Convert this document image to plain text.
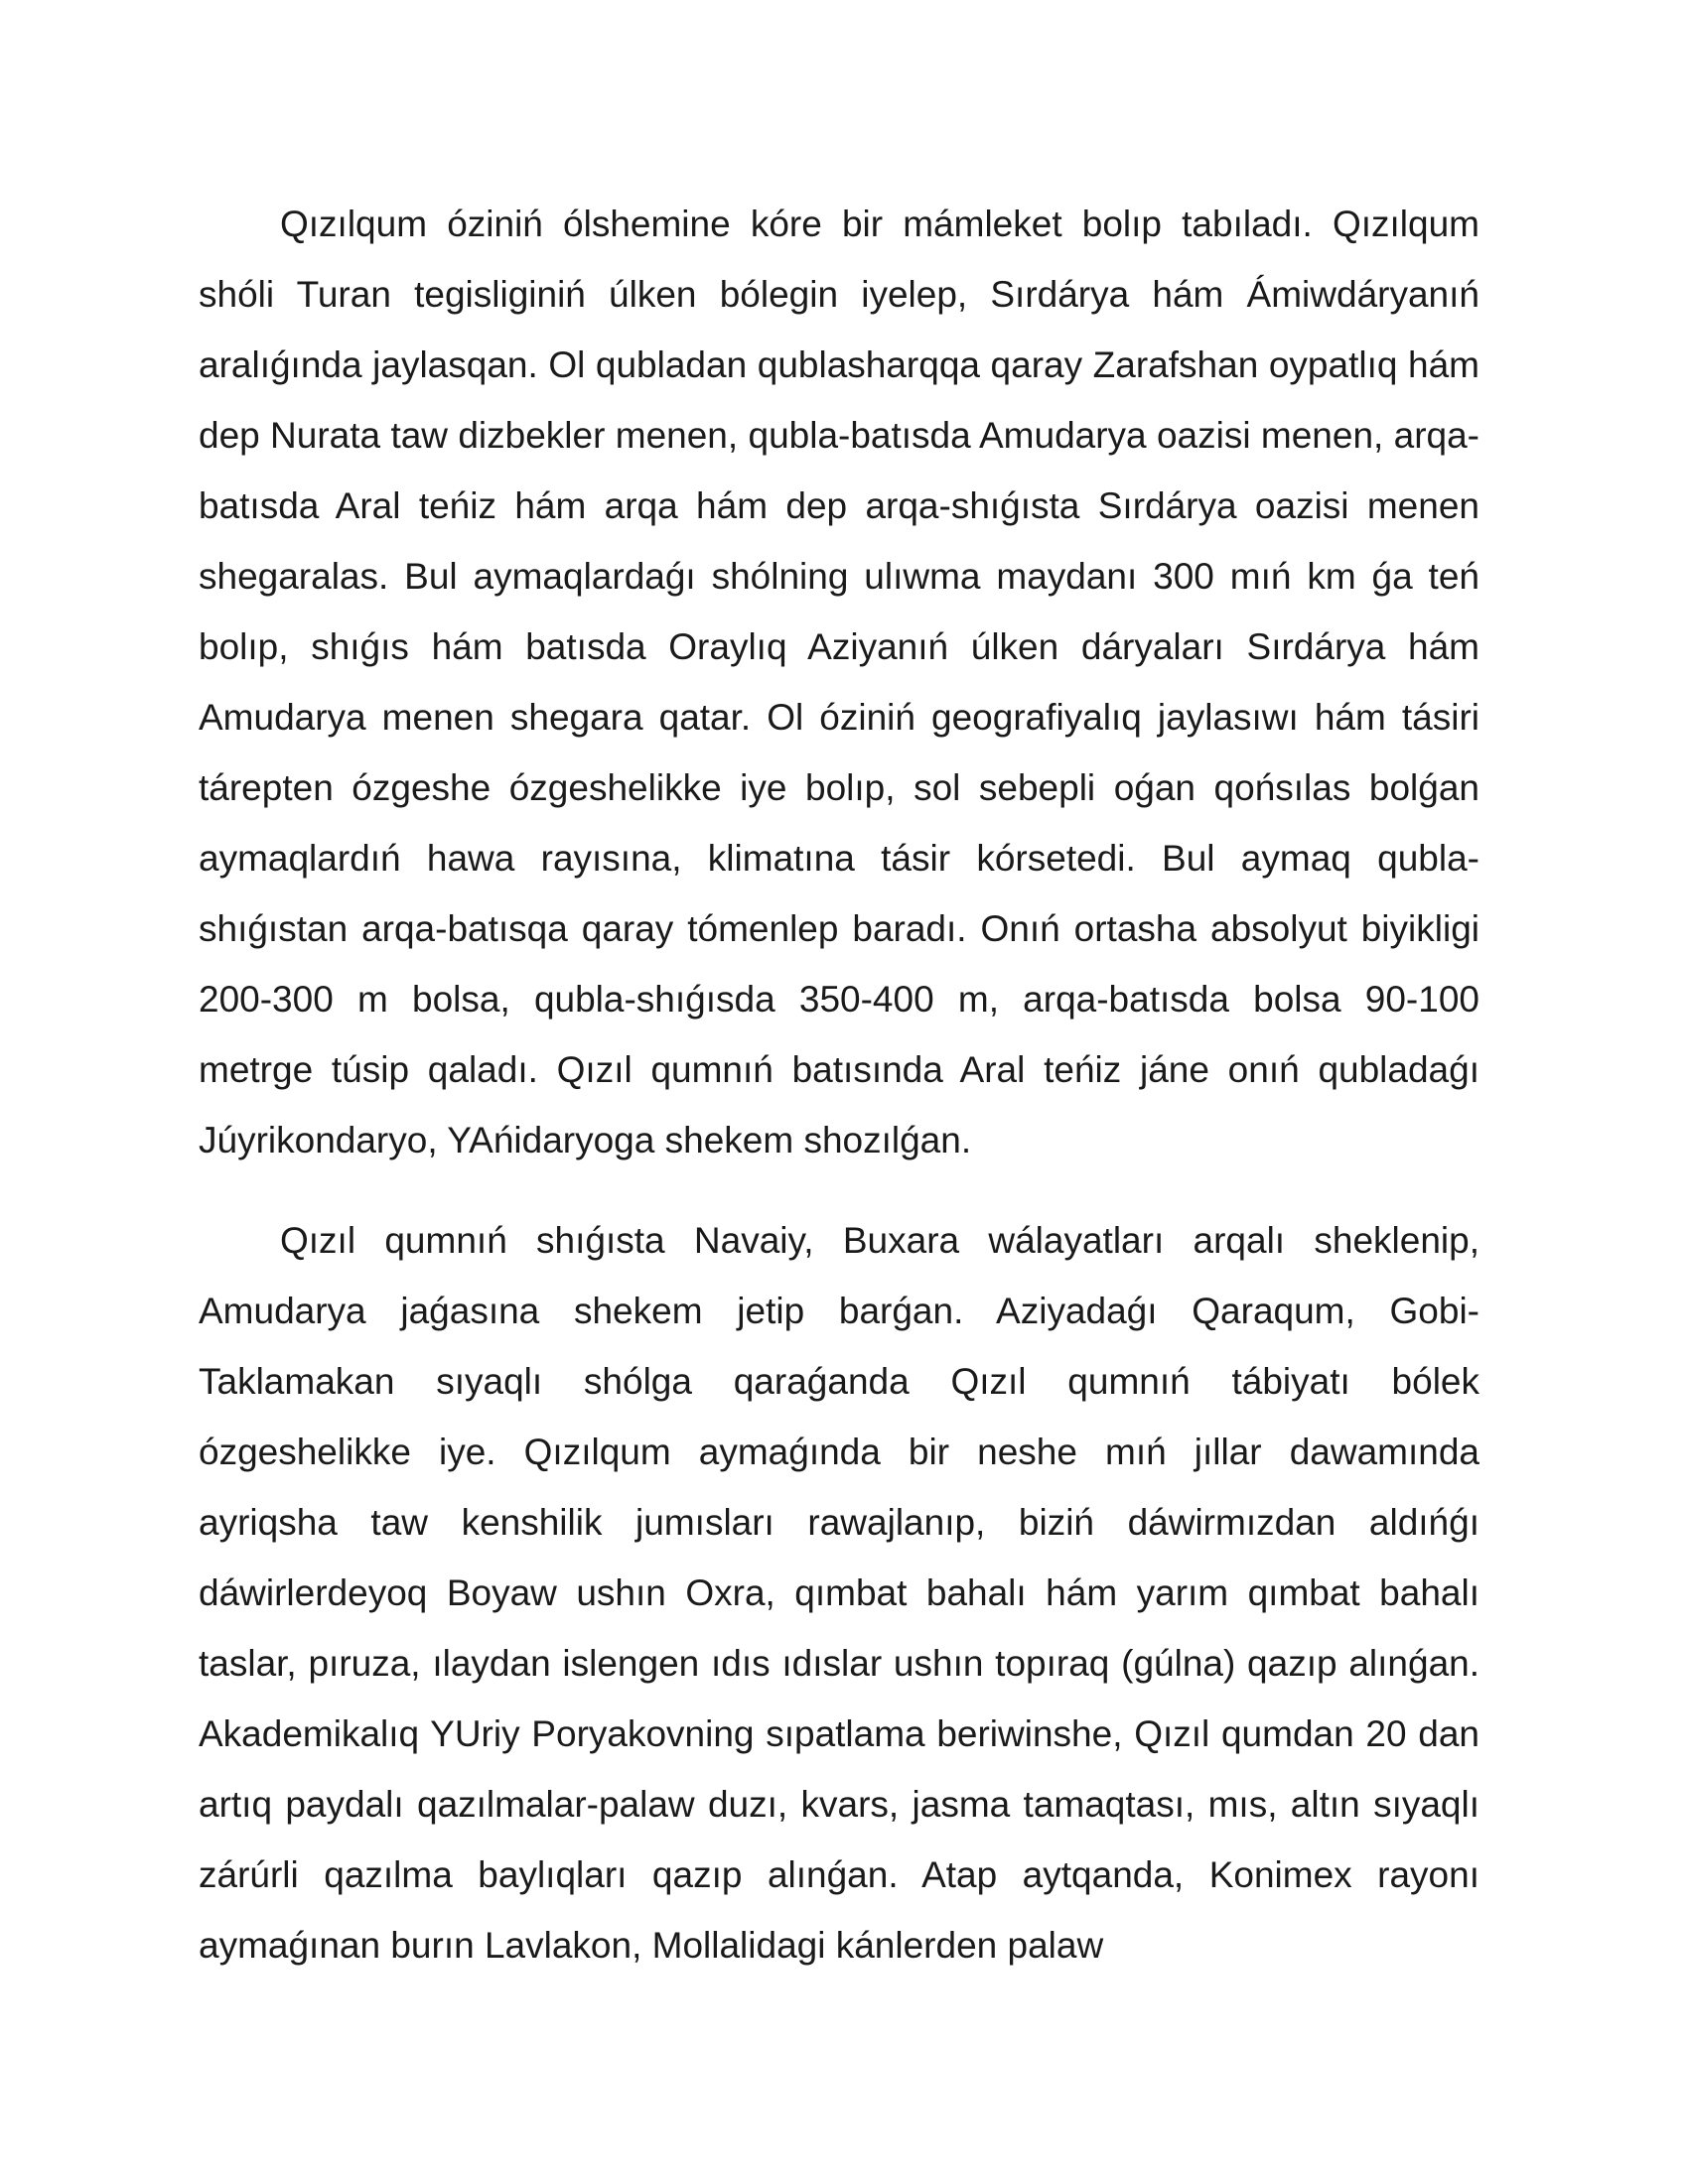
Qızılqum óziniń ólshemine kóre bir mámleket bolıp tabıladı. Qızılqum shóli Turan tegisliginiń úlken bólegin iyelep, Sırdárya hám Ámiwdáryanıń aralıǵında jaylasqan. Ol qubladan qublasharqqa qaray Zarafshan oypatlıq hám dep Nurata taw dizbekler menen, qubla-batısda Amudarya oazisi menen, arqa-batısda Aral teńiz hám arqa hám dep arqa-shıǵısta Sırdárya oazisi menen shegaralas. Bul aymaqlardaǵı shólning ulıwma maydanı 300 mıń km ǵa teń bolıp, shıǵıs hám batısda Oraylıq Aziyanıń úlken dáryaları Sırdárya hám Amudarya menen shegara qatar. Ol óziniń geografiyalıq jaylasıwı hám tásiri tárepten ózgeshe ózgeshelikke iye bolıp, sol sebepli oǵan qońsılas bolǵan aymaqlardıń hawa rayısına, klimatına tásir kórsetedi. Bul aymaq qubla-shıǵıstan arqa-batısqa qaray tómenlep baradı. Onıń ortasha absolyut biyikligi 200-300 m bolsa, qubla-shıǵısda 350-400 m, arqa-batısda bolsa 90-100 metrge túsip qaladı. Qızıl qumnıń batısında Aral teńiz jáne onıń qubladaǵı Júyrikondaryo, YAńidaryoga shekem shozılǵan.

Qızıl qumnıń shıǵısta Navaiy, Buxara wálayatları arqalı sheklenip, Amudarya jaǵasına shekem jetip barǵan. Aziyadaǵı Qaraqum, Gobi-Taklamakan sıyaqlı shólga qaraǵanda Qızıl qumnıń tábiyatı bólek ózgeshelikke iye. Qızılqum aymaǵında bir neshe mıń jıllar dawamında ayriqsha taw kenshilik jumısları rawajlanıp, biziń dáwirmızdan aldıńǵı dáwirlerdeyoq Boyaw ushın Oxra, qımbat bahalı hám yarım qımbat bahalı taslar, pıruza, ılaydan islengen ıdıs ıdıslar ushın topıraq (gúlna) qazıp alınǵan. Akademikalıq YUriy Poryakovning sıpatlama beriwinshe, Qızıl qumdan 20 dan artıq paydalı qazılmalar-palaw duzı, kvars, jasma tamaqtası, mıs, altın sıyaqlı zárúrli qazılma baylıqları qazıp alınǵan. Atap aytqanda, Konimex rayonı aymaǵınan burın Lavlakon, Mollalidagi kánlerden palaw
